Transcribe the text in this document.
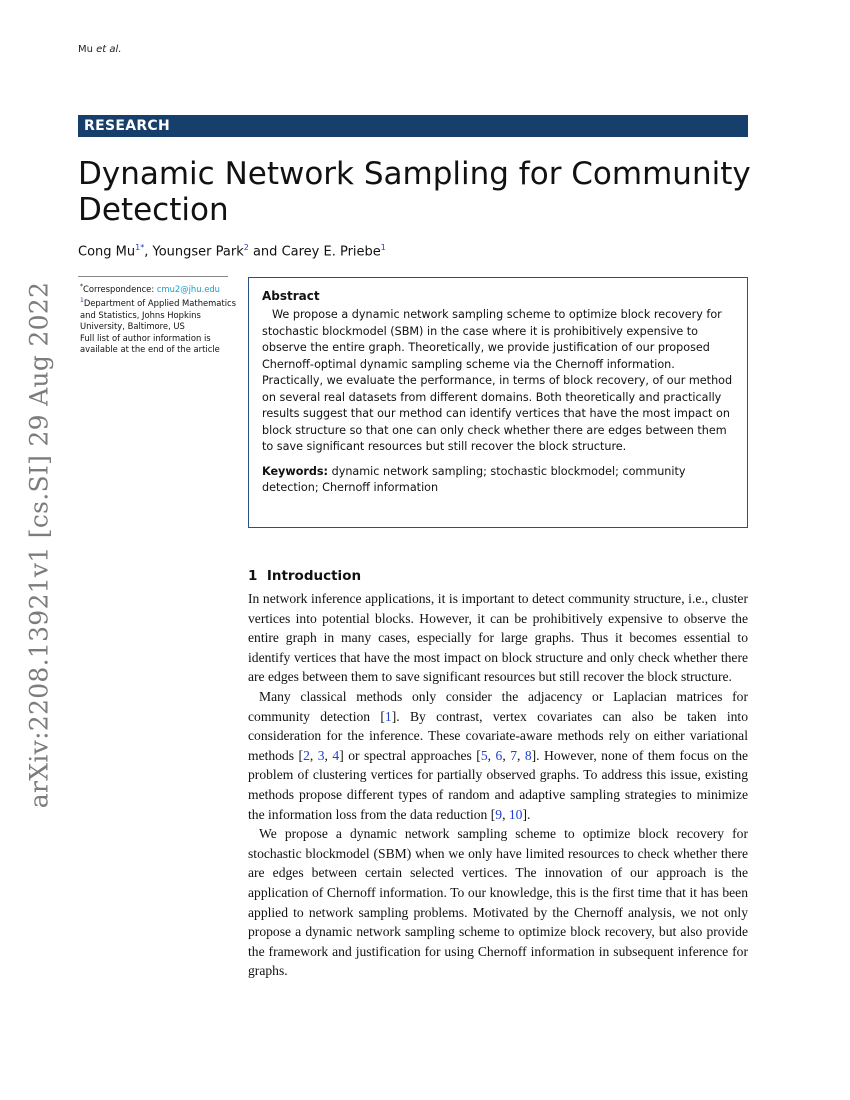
Mu et al.
RESEARCH
Dynamic Network Sampling for Community Detection
Cong $Mu^{1*}$, Youngser Park$^2$ and Carey E. Priebe$^1$

*Correspondence: cmu2@jhu.edu

$^1$Department of Applied Mathematics and Statistics, Johns Hopkins University, Baltimore, US

Full list of author information is available at the end of the article

Abstract

We propose a dynamic network sampling scheme to optimize block recovery for stochastic blockmodel (SBM) in the case where it is prohibitively expensive to observe the entire graph. Theoretically, we provide justification of our proposed Chernoff-optimal dynamic sampling scheme via the Chernoff information. Practically, we evaluate the performance, in terms of block recovery, of our method on several real datasets from different domains. Both theoretically and practically results suggest that our method can identify vertices that have the most impact on block structure so that one can only check whether there are edges between them to save significant resources but still recover the block structure.

Keywords: dynamic network sampling; stochastic blockmodel; community detection; Chernoff information

1 Introduction

In network inference applications, it is important to detect community structure, i.e., cluster vertices into potential blocks. However, it can be prohibitively expensive to observe the entire graph in many cases, especially for large graphs. Thus it becomes essential to identify vertices that have the most impact on block structure and only check whether there are edges between them to save significant resources but still recover the block structure.

Many classical methods only consider the adjacency or Laplacian matrices for community detection [1]. By contrast, vertex covariates can also be taken into consideration for the inference. These covariate-aware methods rely on either variational methods [2, 3, 4] or spectral approaches [5, 6, 7, 8]. However, none of them focus on the problem of clustering vertices for partially observed graphs. To address this issue, existing methods propose different types of random and adaptive sampling strategies to minimize the information loss from the data reduction [9, 10].

We propose a dynamic network sampling scheme to optimize block recovery for stochastic blockmodel (SBM) when we only have limited resources to check whether there are edges between certain selected vertices. The innovation of our approach is the application of Chernoff information. To our knowledge, this is the first time that it has been applied to network sampling problems. Motivated by the Chernoff analysis, we not only propose a dynamic network sampling scheme to optimize block recovery, but also provide the framework and justification for using Chernoff information in subsequent inference for graphs.

arXiv:2208.13921v1 [cs.SI] 29 Aug 2022
